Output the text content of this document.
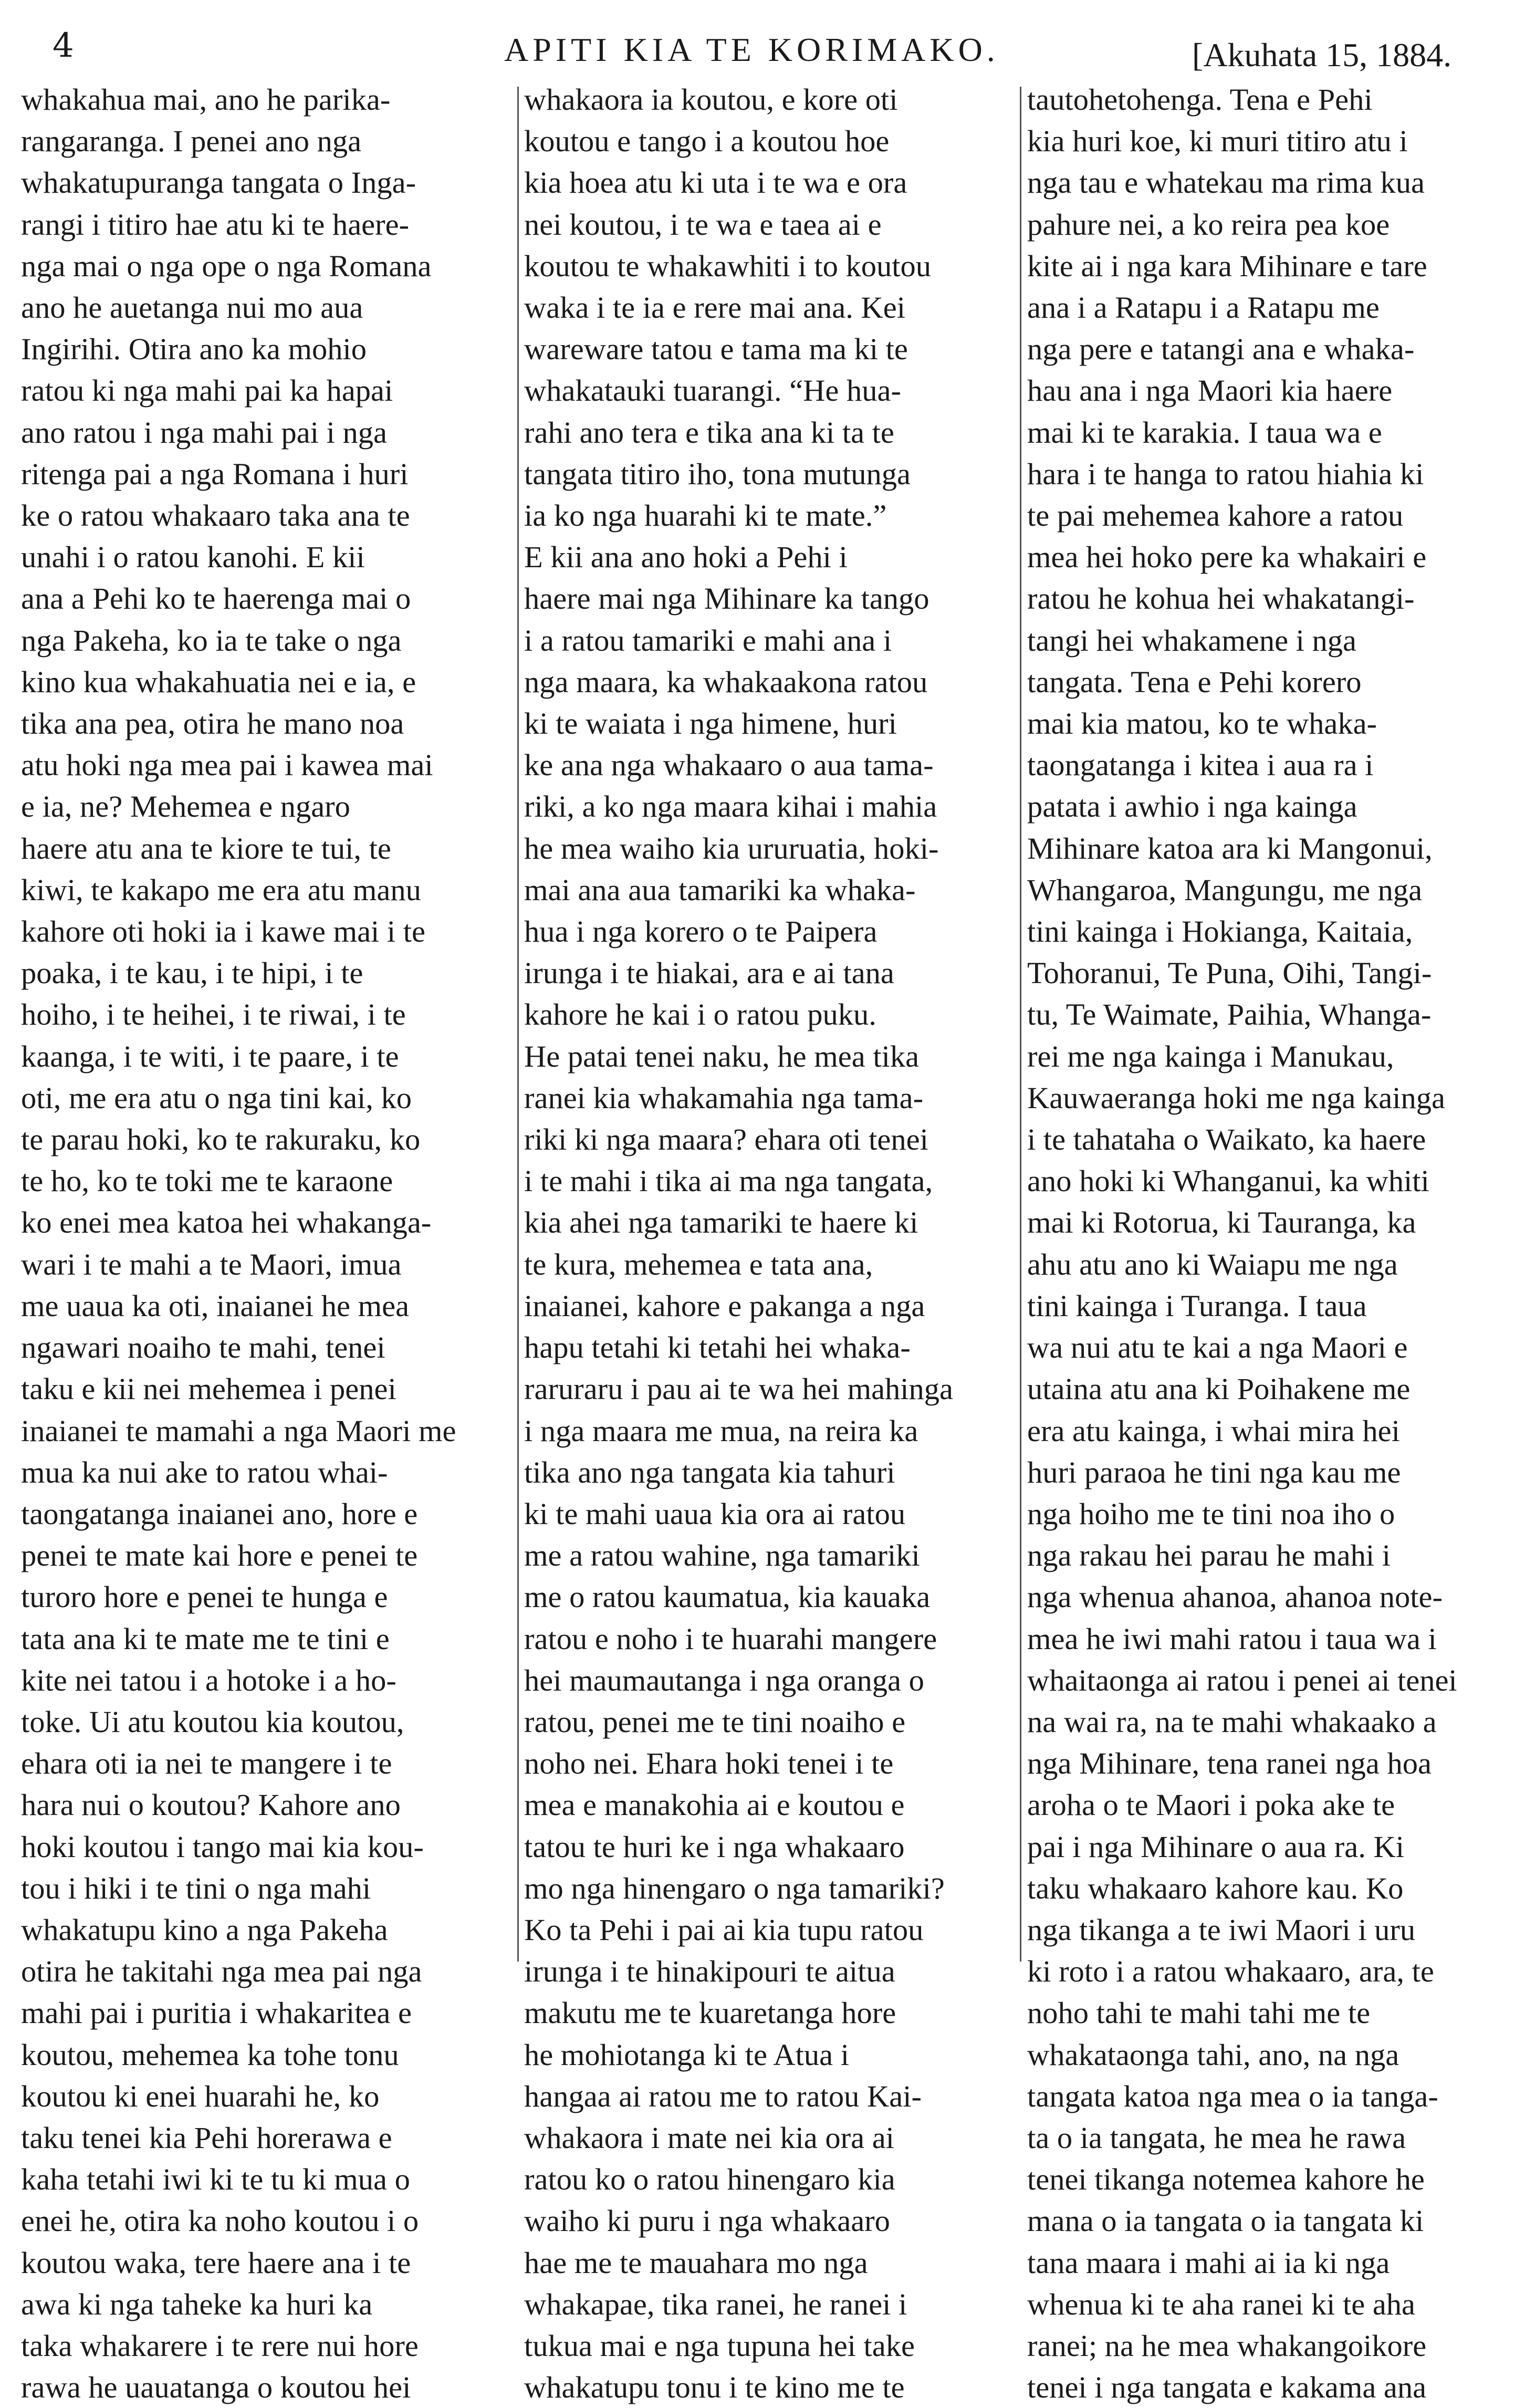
4	APITI KIA TE KORIMAKO.	[Akuhata 15, 1884.

whakahua mai, ano he parika-
rangaranga. I penei ano nga
whakatupuranga tangata o Inga-
rangi i titiro hae atu ki te haere-
nga mai o nga ope o nga Romana
ano he auetanga nui mo aua
Ingirihi. Otira ano ka mohio
ratou ki nga mahi pai ka hapai
ano ratou i nga mahi pai i nga
ritenga pai a nga Romana i huri
ke o ratou whakaaro taka ana te
unahi i o ratou kanohi. E kii
ana a Pehi ko te haerenga mai o
nga Pakeha, ko ia te take o nga
kino kua whakahuatia nei e ia, e
tika ana pea, otira he mano noa
atu hoki nga mea pai i kawea mai
e ia, ne? Mehemea e ngaro
haere atu ana te kiore te tui, te
kiwi, te kakapo me era atu manu
kahore oti hoki ia i kawe mai i te
poaka, i te kau, i te hipi, i te
hoiho, i te heihei, i te riwai, i te
kaanga, i te witi, i te paare, i te
oti, me era atu o nga tini kai, ko
te parau hoki, ko te rakuraku, ko
te ho, ko te toki me te karaone
ko enei mea katoa hei whakanga-
wari i te mahi a te Maori, imua
me uaua ka oti, inaianei he mea
ngawari noaiho te mahi, tenei
taku e kii nei mehemea i penei
inaianei te mamahi a nga Maori me
mua ka nui ake to ratou whai-
taongatanga inaianei ano, hore e
penei te mate kai hore e penei te
turoro hore e penei te hunga e
tata ana ki te mate me te tini e
kite nei tatou i a hotoke i a ho-
toke. Ui atu koutou kia koutou,
ehara oti ia nei te mangere i te
hara nui o koutou? Kahore ano
hoki koutou i tango mai kia kou-
tou i hiki i te tini o nga mahi
whakatupu kino a nga Pakeha
otira he takitahi nga mea pai nga
mahi pai i puritia i whakaritea e
koutou, mehemea ka tohe tonu
koutou ki enei huarahi he, ko
taku tenei kia Pehi horerawa e
kaha tetahi iwi ki te tu ki mua o
enei he, otira ka noho koutou i o
koutou waka, tere haere ana i te
awa ki nga taheke ka huri ka
taka whakarere i te rere nui hore
rawa he uauatanga o koutou hei

whakaora ia koutou, e kore oti
koutou e tango i a koutou hoe
kia hoea atu ki uta i te wa e ora
nei koutou, i te wa e taea ai e
koutou te whakawhiti i to koutou
waka i te ia e rere mai ana. Kei
wareware tatou e tama ma ki te
whakatauki tuarangi. “He hua-
rahi ano tera e tika ana ki ta te
tangata titiro iho, tona mutunga
ia ko nga huarahi ki te mate.”
E kii ana ano hoki a Pehi i
haere mai nga Mihinare ka tango
i a ratou tamariki e mahi ana i
nga maara, ka whakaakona ratou
ki te waiata i nga himene, huri
ke ana nga whakaaro o aua tama-
riki, a ko nga maara kihai i mahia
he mea waiho kia ururuatia, hoki-
mai ana aua tamariki ka whaka-
hua i nga korero o te Paipera
irunga i te hiakai, ara e ai tana
kahore he kai i o ratou puku.
He patai tenei naku, he mea tika
ranei kia whakamahia nga tama-
riki ki nga maara? ehara oti tenei
i te mahi i tika ai ma nga tangata,
kia ahei nga tamariki te haere ki
te kura, mehemea e tata ana,
inaianei, kahore e pakanga a nga
hapu tetahi ki tetahi hei whaka-
raruraru i pau ai te wa hei mahinga
i nga maara me mua, na reira ka
tika ano nga tangata kia tahuri
ki te mahi uaua kia ora ai ratou
me a ratou wahine, nga tamariki
me o ratou kaumatua, kia kauaka
ratou e noho i te huarahi mangere
hei maumautanga i nga oranga o
ratou, penei me te tini noaiho e
noho nei. Ehara hoki tenei i te
mea e manakohia ai e koutou e
tatou te huri ke i nga whakaaro
mo nga hinengaro o nga tamariki?
Ko ta Pehi i pai ai kia tupu ratou
irunga i te hinakipouri te aitua
makutu me te kuaretanga hore
he mohiotanga ki te Atua i
hangaa ai ratou me to ratou Kai-
whakaora i mate nei kia ora ai
ratou ko o ratou hinengaro kia
waiho ki puru i nga whakaaro
hae me te mauahara mo nga
whakapae, tika ranei, he ranei i
tukua mai e nga tupuna hei take
whakatupu tonu i te kino me te

tautohetohenga. Tena e Pehi
kia huri koe, ki muri titiro atu i
nga tau e whatekau ma rima kua
pahure nei, a ko reira pea koe
kite ai i nga kara Mihinare e tare
ana i a Ratapu i a Ratapu me
nga pere e tatangi ana e whaka-
hau ana i nga Maori kia haere
mai ki te karakia. I taua wa e
hara i te hanga to ratou hiahia ki
te pai mehemea kahore a ratou
mea hei hoko pere ka whakairi e
ratou he kohua hei whakatangi-
tangi hei whakamene i nga
tangata. Tena e Pehi korero
mai kia matou, ko te whaka-
taongatanga i kitea i aua ra i
patata i awhio i nga kainga
Mihinare katoa ara ki Mangonui,
Whangaroa, Mangungu, me nga
tini kainga i Hokianga, Kaitaia,
Tohoranui, Te Puna, Oihi, Tangi-
tu, Te Waimate, Paihia, Whanga-
rei me nga kainga i Manukau,
Kauwaeranga hoki me nga kainga
i te tahataha o Waikato, ka haere
ano hoki ki Whanganui, ka whiti
mai ki Rotorua, ki Tauranga, ka
ahu atu ano ki Waiapu me nga
tini kainga i Turanga. I taua
wa nui atu te kai a nga Maori e
utaina atu ana ki Poihakene me
era atu kainga, i whai mira hei
huri paraoa he tini nga kau me
nga hoiho me te tini noa iho o
nga rakau hei parau he mahi i
nga whenua ahanoa, ahanoa note-
mea he iwi mahi ratou i taua wa i
whaitaonga ai ratou i penei ai tenei
na wai ra, na te mahi whakaako a
nga Mihinare, tena ranei nga hoa
aroha o te Maori i poka ake te
pai i nga Mihinare o aua ra. Ki
taku whakaaro kahore kau. Ko
nga tikanga a te iwi Maori i uru
ki roto i a ratou whakaaro, ara, te
noho tahi te mahi tahi me te
whakataonga tahi, ano, na nga
tangata katoa nga mea o ia tanga-
ta o ia tangata, he mea he rawa
tenei tikanga notemea kahore he
mana o ia tangata o ia tangata ki
tana maara i mahi ai ia ki nga
whenua ki te aha ranei ki te aha
ranei; na he mea whakangoikore
tenei i nga tangata e kakama ana
